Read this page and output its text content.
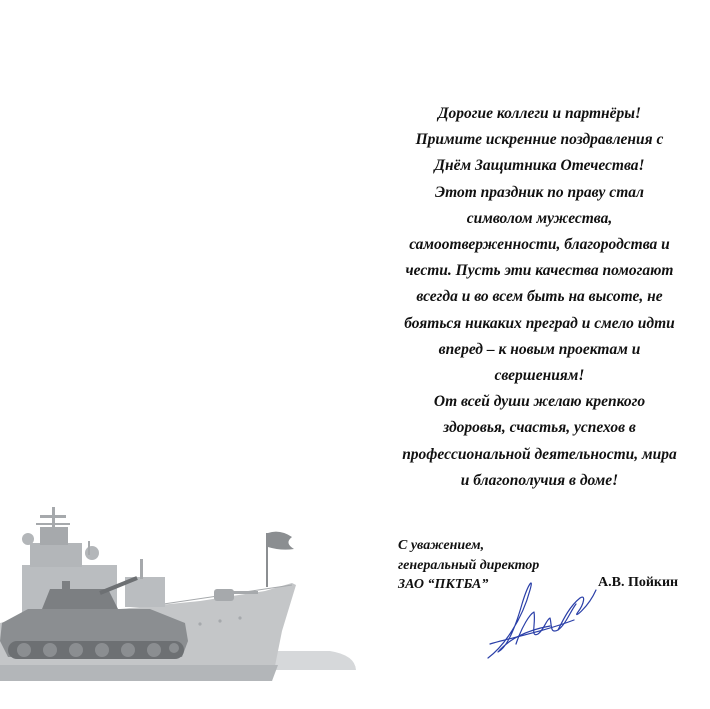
Дорогие коллеги и партнёры!
Примите искренние поздравления с
Днём Защитника Отечества!
Этот праздник по праву стал
символом мужества,
самоотверженности, благородства и
чести. Пусть эти качества помогают
всегда и во всем быть на высоте, не
бояться никаких преград и смело идти
вперед – к новым проектам и
свершениям!
От всей души желаю крепкого
здоровья, счастья, успехов в
профессиональной деятельности, мира
и благополучия в доме!
С уважением,
генеральный директор
ЗАО “ПКТБА”	А.В. Пойкин
